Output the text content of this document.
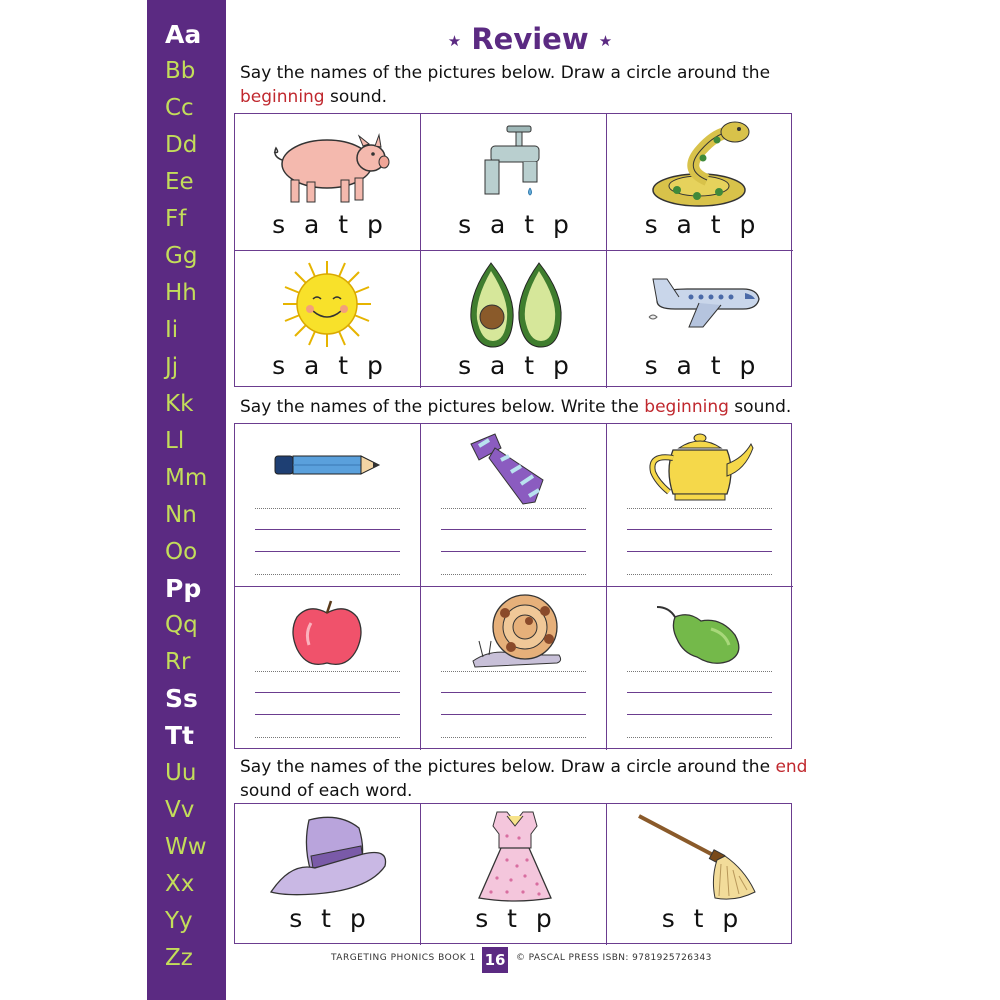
Aa
Bb
Cc
Dd
Ee
Ff
Gg
Hh
Ii
Jj
Kk
Ll
Mm
Nn
Oo
Pp
Qq
Rr
Ss
Tt
Uu
Vv
Ww
Xx
Yy
Zz
★ Review ★
Say the names of the pictures below. Draw a circle around the beginning sound.
s a t p	s a t p	s a t p
s a t p	s a t p	s a t p
Say the names of the pictures below. Write the beginning sound.
Say the names of the pictures below. Draw a circle around the end sound of each word.
s t p	s t p	s t p
TARGETING PHONICS BOOK 1 16 © PASCAL PRESS ISBN: 9781925726343
